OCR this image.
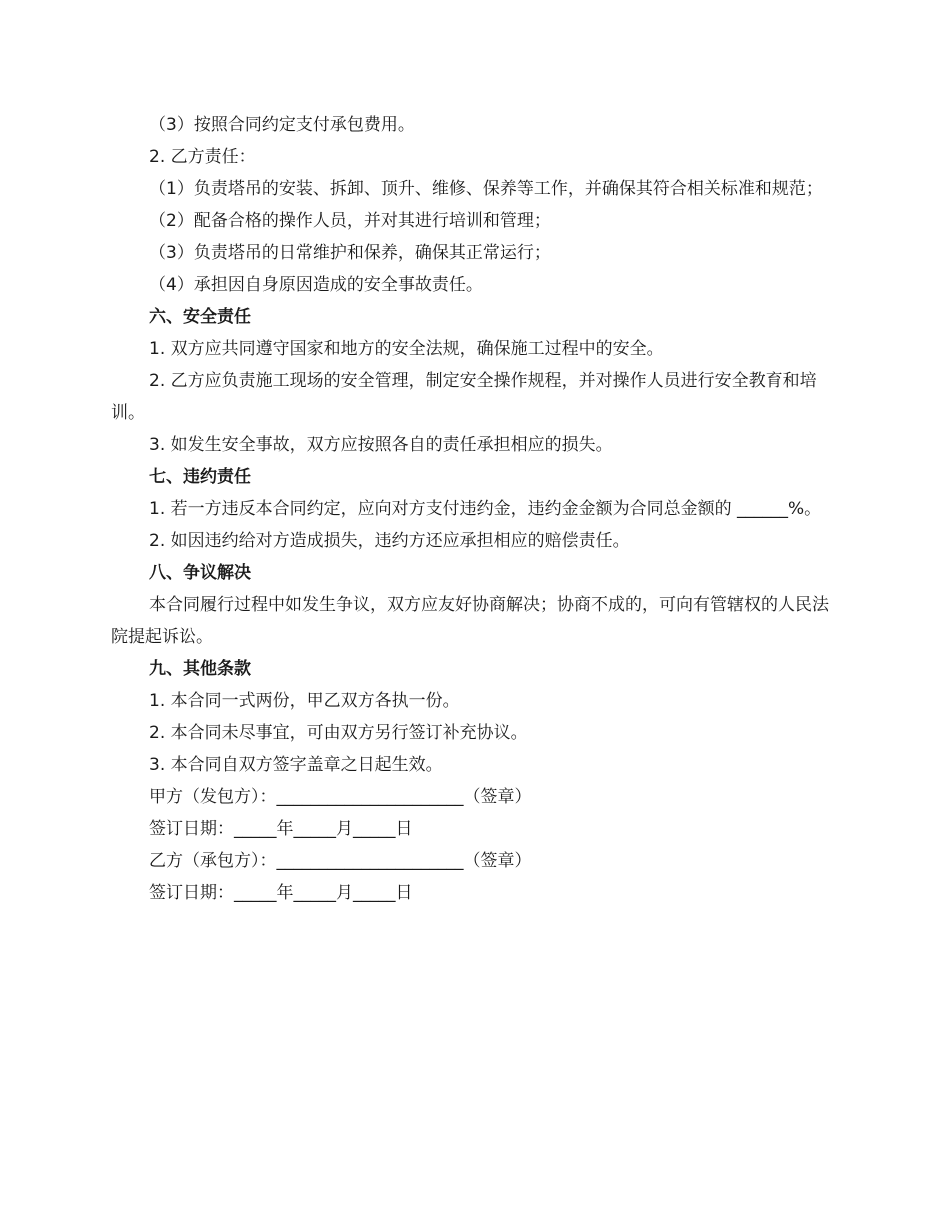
（3）按照合同约定支付承包费用。

2. 乙方责任：

（1）负责塔吊的安装、拆卸、顶升、维修、保养等工作，并确保其符合相关标准和规范；

（2）配备合格的操作人员，并对其进行培训和管理；

（3）负责塔吊的日常维护和保养，确保其正常运行；

（4）承担因自身原因造成的安全事故责任。

六、安全责任

1. 双方应共同遵守国家和地方的安全法规，确保施工过程中的安全。

2. 乙方应负责施工现场的安全管理，制定安全操作规程，并对操作人员进行安全教育和培训。

3. 如发生安全事故，双方应按照各自的责任承担相应的损失。

七、违约责任

1. 若一方违反本合同约定，应向对方支付违约金，违约金金额为合同总金额的 ______%。

2. 如因违约给对方造成损失，违约方还应承担相应的赔偿责任。

八、争议解决

本合同履行过程中如发生争议，双方应友好协商解决；协商不成的，可向有管辖权的人民法院提起诉讼。

九、其他条款

1. 本合同一式两份，甲乙双方各执一份。

2. 本合同未尽事宜，可由双方另行签订补充协议。

3. 本合同自双方签字盖章之日起生效。

甲方（发包方）：______________________（签章）

签订日期：_____年_____月_____日

乙方（承包方）：______________________（签章）

签订日期：_____年_____月_____日
